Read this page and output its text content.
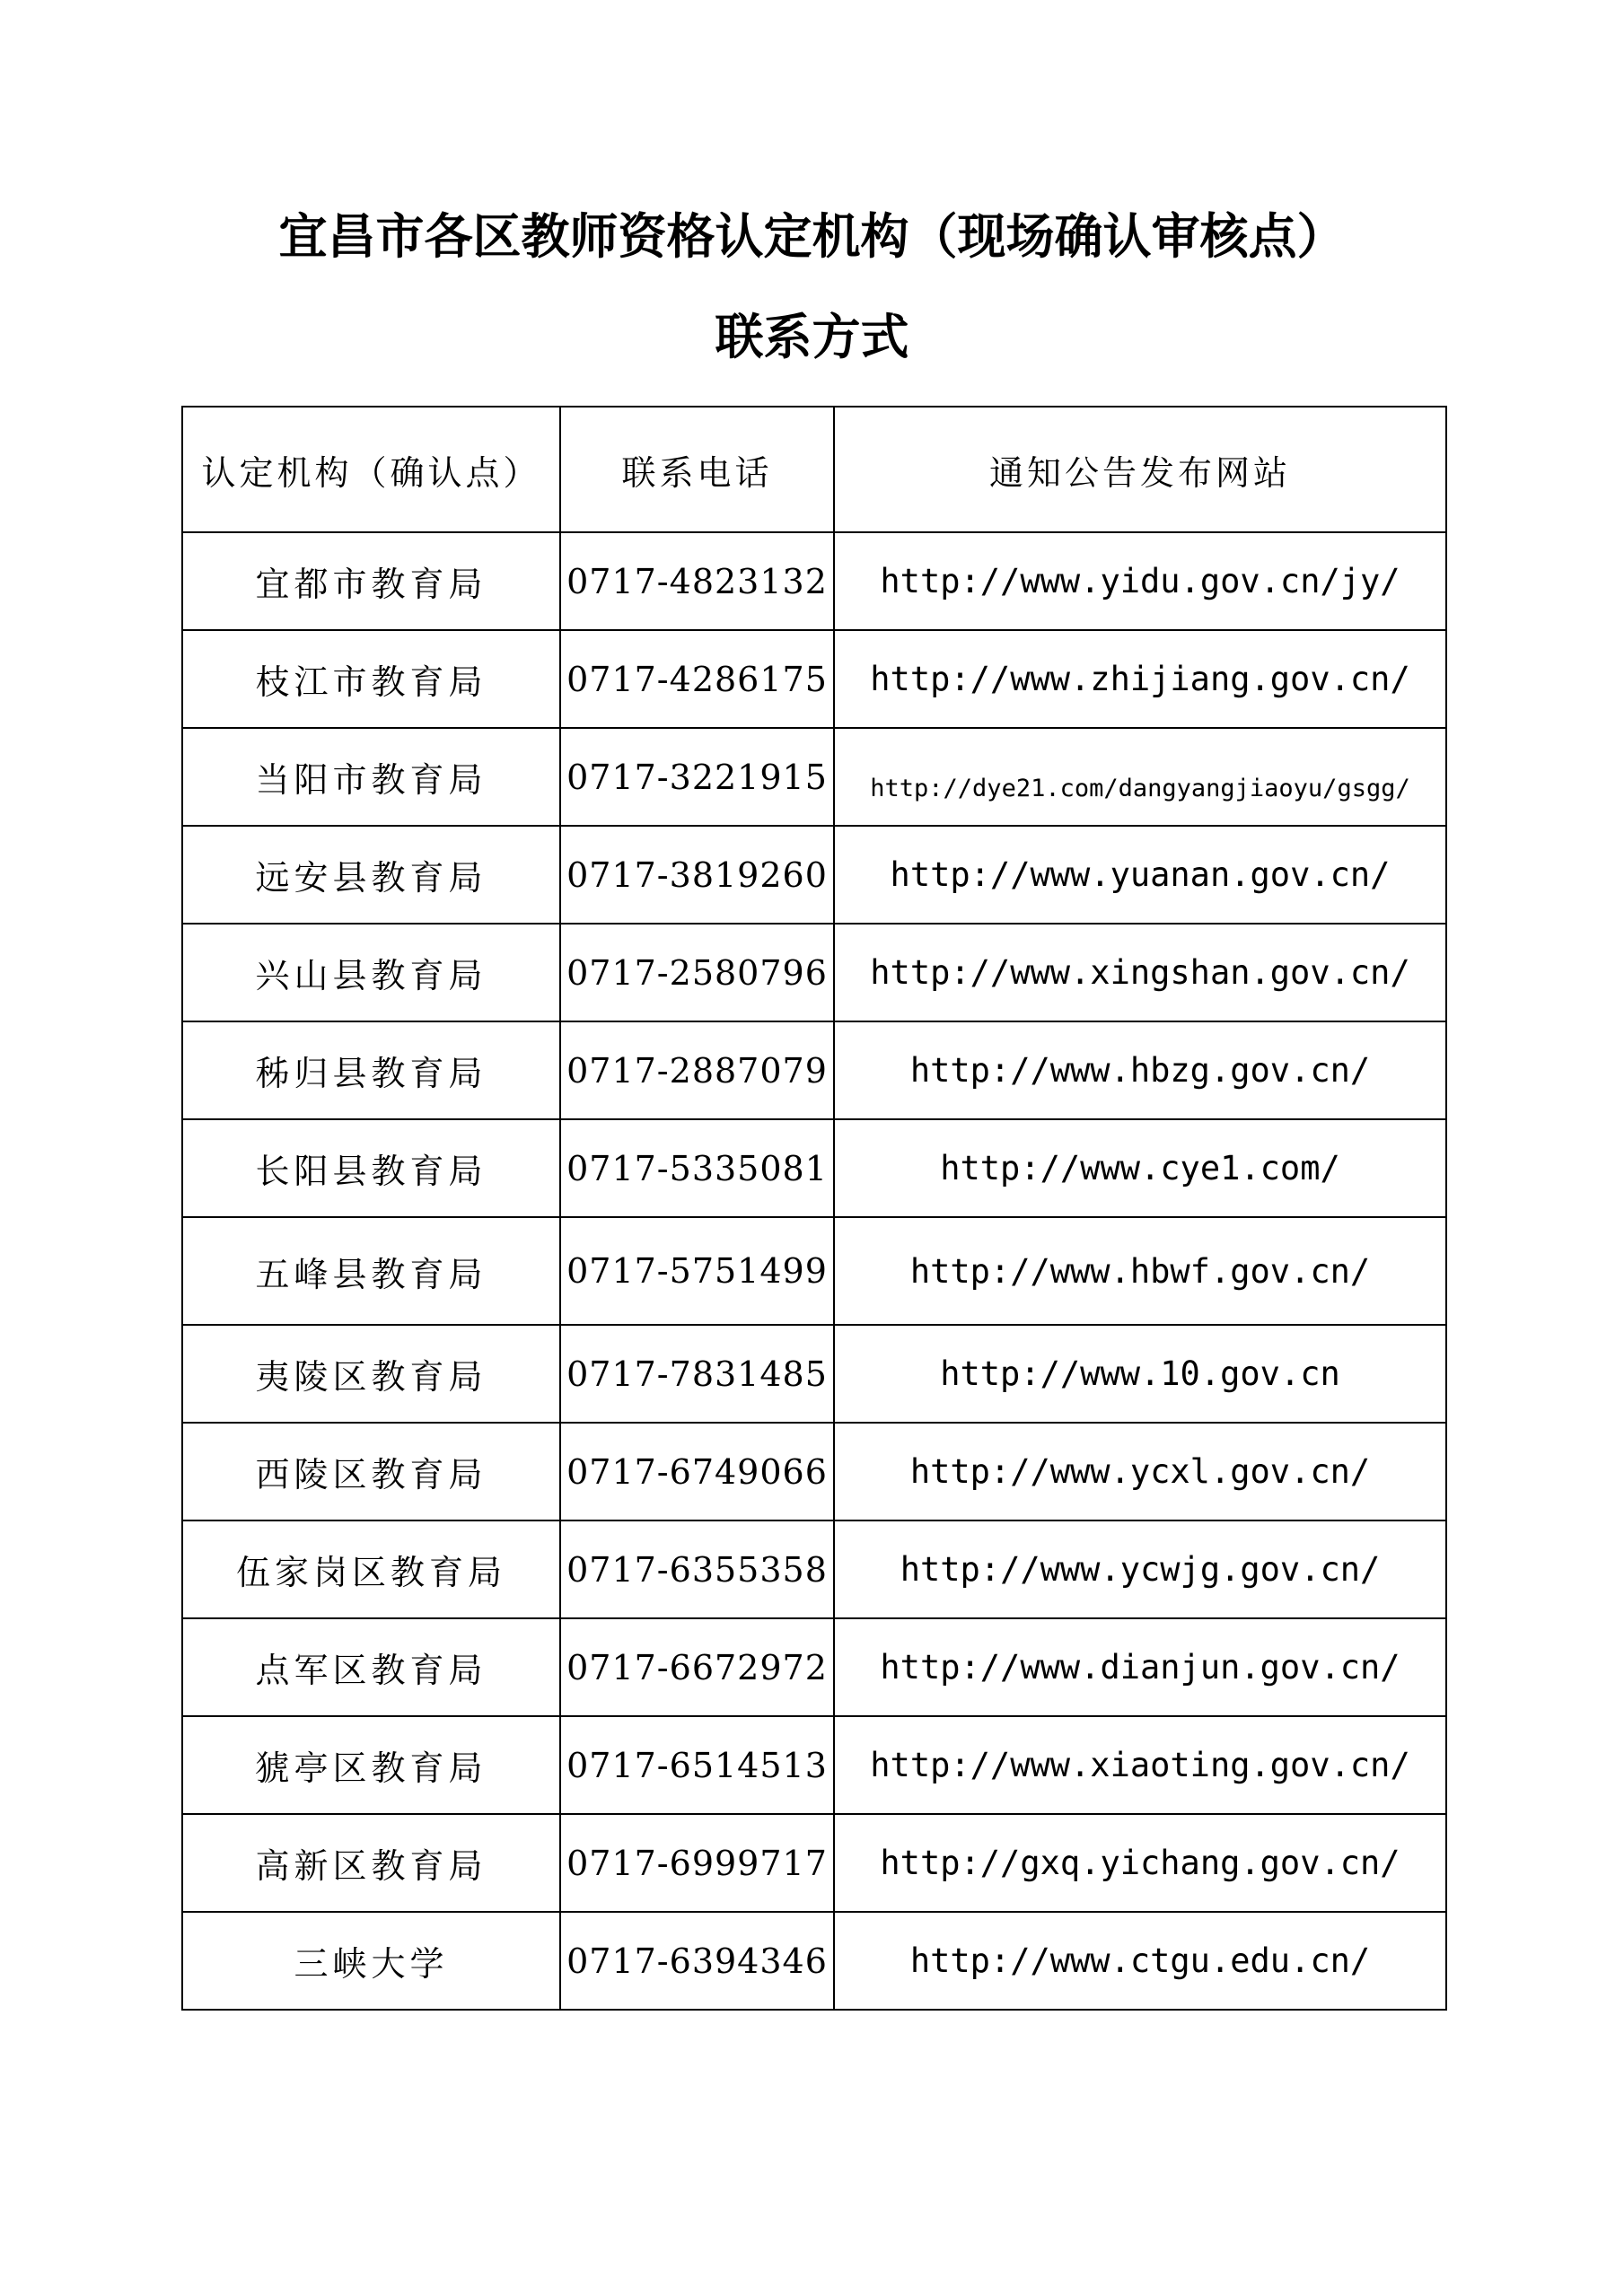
宜昌市各区教师资格认定机构（现场确认审核点）
联系方式
认定机构（确认点）	联系电话	通知公告发布网站
宜都市教育局	0717-4823132	http://www.yidu.gov.cn/jy/
枝江市教育局	0717-4286175	http://www.zhijiang.gov.cn/
当阳市教育局	0717-3221915	http://dye21.com/dangyangjiaoyu/gsgg/
远安县教育局	0717-3819260	http://www.yuanan.gov.cn/
兴山县教育局	0717-2580796	http://www.xingshan.gov.cn/
秭归县教育局	0717-2887079	http://www.hbzg.gov.cn/
长阳县教育局	0717-5335081	http://www.cye1.com/
五峰县教育局	0717-5751499	http://www.hbwf.gov.cn/
夷陵区教育局	0717-7831485	http://www.10.gov.cn
西陵区教育局	0717-6749066	http://www.ycxl.gov.cn/
伍家岗区教育局	0717-6355358	http://www.ycwjg.gov.cn/
点军区教育局	0717-6672972	http://www.dianjun.gov.cn/
猇亭区教育局	0717-6514513	http://www.xiaoting.gov.cn/
高新区教育局	0717-6999717	http://gxq.yichang.gov.cn/
三峡大学	0717-6394346	http://www.ctgu.edu.cn/
